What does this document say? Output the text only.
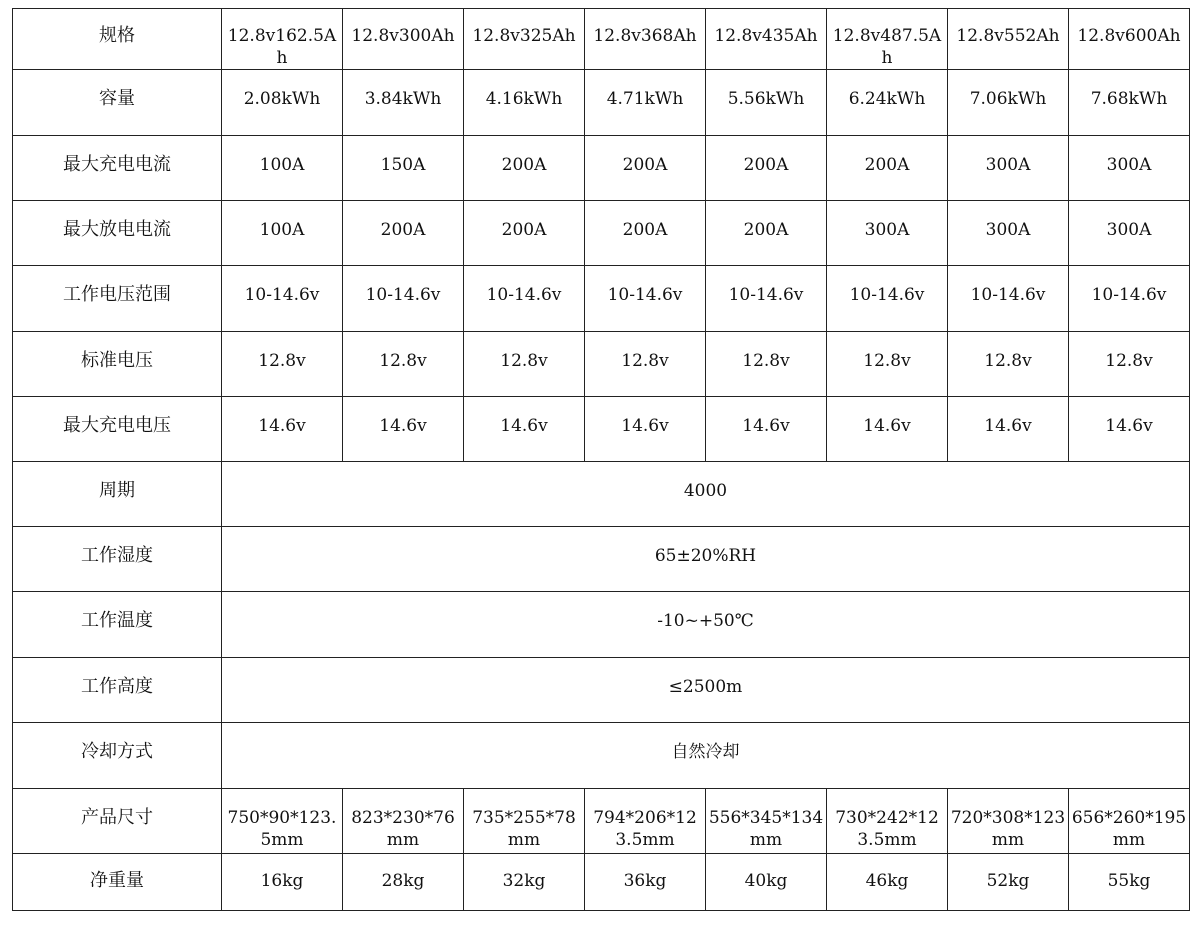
规格	12.8v162.5Ah	12.8v300Ah	12.8v325Ah	12.8v368Ah	12.8v435Ah	12.8v487.5Ah	12.8v552Ah	12.8v600Ah
容量	2.08kWh	3.84kWh	4.16kWh	4.71kWh	5.56kWh	6.24kWh	7.06kWh	7.68kWh
最大充电电流	100A	150A	200A	200A	200A	200A	300A	300A
最大放电电流	100A	200A	200A	200A	200A	300A	300A	300A
工作电压范围	10-14.6v	10-14.6v	10-14.6v	10-14.6v	10-14.6v	10-14.6v	10-14.6v	10-14.6v
标准电压	12.8v	12.8v	12.8v	12.8v	12.8v	12.8v	12.8v	12.8v
最大充电电压	14.6v	14.6v	14.6v	14.6v	14.6v	14.6v	14.6v	14.6v
周期	4000							
工作湿度	65±20%RH							
工作温度	-10~+50℃							
工作高度	≤2500m							
冷却方式	自然冷却							
产品尺寸	750*90*123.5mm	823*230*76mm	735*255*78mm	794*206*123.5mm	556*345*134mm	730*242*123.5mm	720*308*123mm	656*260*195mm
净重量	16kg	28kg	32kg	36kg	40kg	46kg	52kg	55kg
